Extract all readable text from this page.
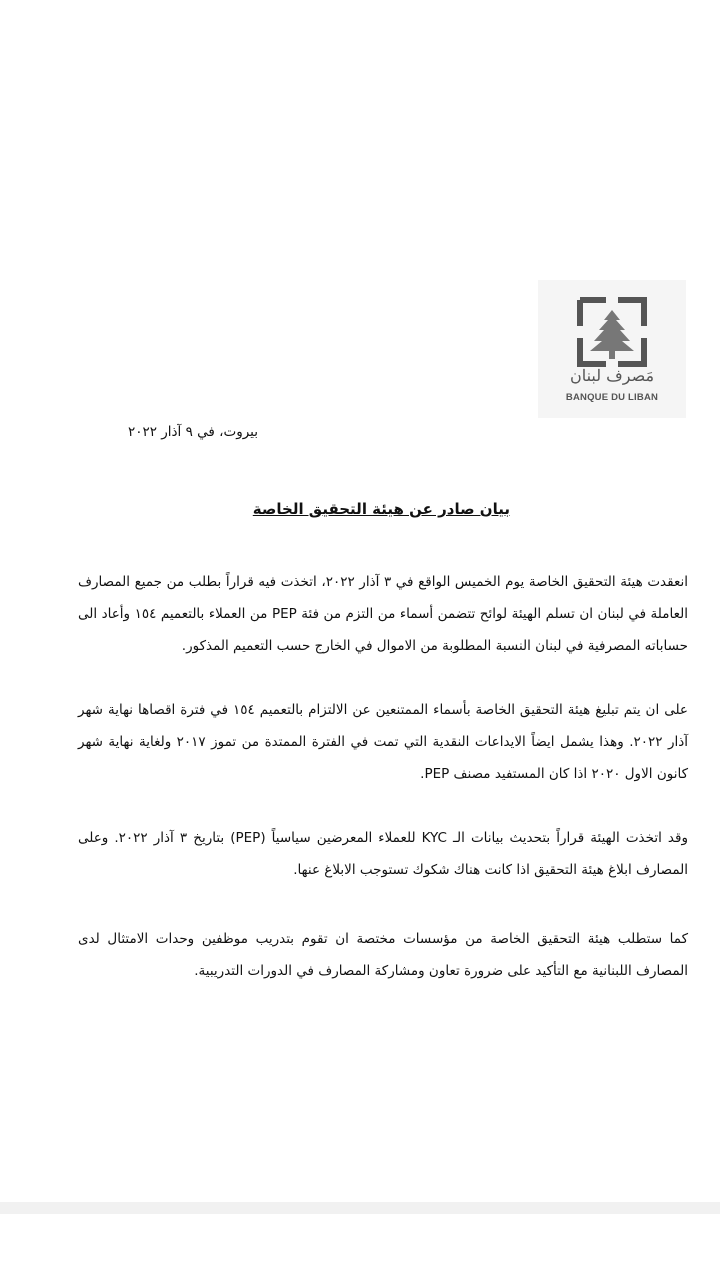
مَصرف لبنان
BANQUE DU LIBAN
بيروت، في ٩ آذار ٢٠٢٢
بيان صادر عن هيئة التحقيق الخاصة

انعقدت هيئة التحقيق الخاصة يوم الخميس الواقع في ٣ آذار ٢٠٢٢، اتخذت فيه قراراً بطلب من جميع المصارف العاملة في لبنان ان تسلم الهيئة لوائح تتضمن أسماء من التزم من فئة PEP من العملاء بالتعميم ١٥٤ وأعاد الى حساباته المصرفية في لبنان النسبة المطلوبة من الاموال في الخارج حسب التعميم المذكور.

على ان يتم تبليغ هيئة التحقيق الخاصة بأسماء الممتنعين عن الالتزام بالتعميم ١٥٤ في فترة اقصاها نهاية شهر آذار ٢٠٢٢. وهذا يشمل ايضاً الايداعات النقدية التي تمت في الفترة الممتدة من تموز ٢٠١٧ ولغاية نهاية شهر كانون الاول ٢٠٢٠ اذا كان المستفيد مصنف PEP.

وقد اتخذت الهيئة قراراً بتحديث بيانات الـ KYC للعملاء المعرضين سياسياً (PEP) بتاريخ ٣ آذار ٢٠٢٢. وعلى المصارف ابلاغ هيئة التحقيق اذا كانت هناك شكوك تستوجب الابلاغ عنها.

كما ستطلب هيئة التحقيق الخاصة من مؤسسات مختصة ان تقوم بتدريب موظفين وحدات الامتثال لدى المصارف اللبنانية مع التأكيد على ضرورة تعاون ومشاركة المصارف في الدورات التدريبية.
